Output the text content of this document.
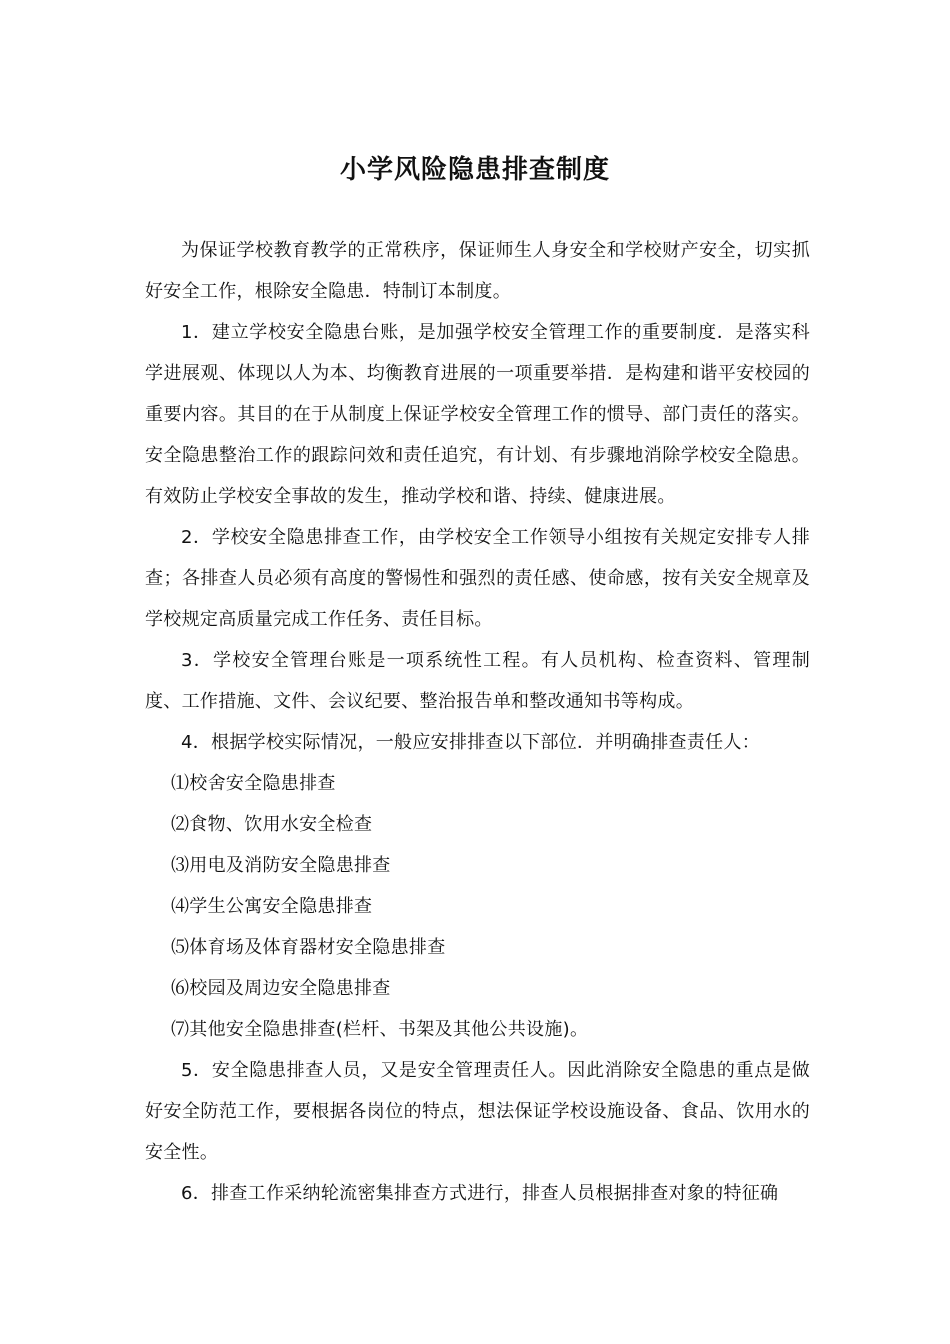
小学风险隐患排查制度

为保证学校教育教学的正常秩序，保证师生人身安全和学校财产安全，切实抓好安全工作，根除安全隐患．特制订本制度。

1．建立学校安全隐患台账，是加强学校安全管理工作的重要制度．是落实科学进展观、体现以人为本、均衡教育进展的一项重要举措．是构建和谐平安校园的重要内容。其目的在于从制度上保证学校安全管理工作的惯导、部门责任的落实。安全隐患整治工作的跟踪问效和责任追究，有计划、有步骤地消除学校安全隐患。有效防止学校安全事故的发生，推动学校和谐、持续、健康进展。

2．学校安全隐患排查工作，由学校安全工作领导小组按有关规定安排专人排查；各排查人员必须有高度的警惕性和强烈的责任感、使命感，按有关安全规章及学校规定高质量完成工作任务、责任目标。

3．学校安全管理台账是一项系统性工程。有人员机构、检查资料、管理制度、工作措施、文件、会议纪要、整治报告单和整改通知书等构成。

4．根据学校实际情况，一般应安排排查以下部位．并明确排查责任人：

⑴校舍安全隐患排查

⑵食物、饮用水安全检查

⑶用电及消防安全隐患排查

⑷学生公寓安全隐患排查

⑸体育场及体育器材安全隐患排查

⑹校园及周边安全隐患排查

⑺其他安全隐患排查(栏杆、书架及其他公共设施)。

5．安全隐患排查人员，又是安全管理责任人。因此消除安全隐患的重点是做好安全防范工作，要根据各岗位的特点，想法保证学校设施设备、食品、饮用水的安全性。

6．排查工作采纳轮流密集排查方式进行，排查人员根据排查对象的特征确
